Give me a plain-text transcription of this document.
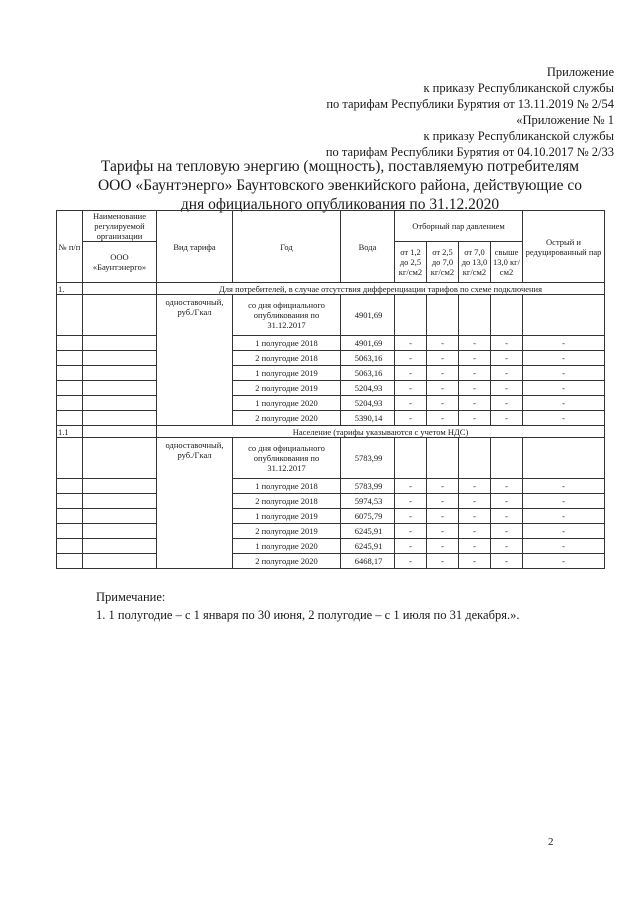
Приложение
к приказу Республиканской службы
по тарифам Республики Бурятия от 13.11.2019 № 2/54
«Приложение № 1
к приказу Республиканской службы
по тарифам Республики Бурятия от 04.10.2017 № 2/33
Тарифы на тепловую энергию (мощность), поставляемую потребителям
ООО «Баунтэнерго» Баунтовского эвенкийского района, действующие со
дня официального опубликования по 31.12.2020
№ п/п	Наименование регулируемой организации	Вид тарифа	Год	Вода	Отборный пар давлением				Острый и редуцированный пар
	ООО «Баунтэнерго»				от 1,2 до 2,5 кг/см2	от 2,5 до 7,0 кг/см2	от 7,0 до 13,0 кг/см2	свыше 13,0 кг/см2	
1.		Для потребителей, в случае отсутствия дифференциации тарифов по схеме подключения							
		одноставочный, руб./Гкал	со дня официального опубликования по 31.12.2017	4901,69					
			1 полугодие 2018	4901,69	-	-	-	-	-
			2 полугодие 2018	5063,16	-	-	-	-	-
			1 полугодие 2019	5063,16	-	-	-	-	-
			2 полугодие 2019	5204,93	-	-	-	-	-
			1 полугодие 2020	5204,93	-	-	-	-	-
			2 полугодие 2020	5390,14	-	-	-	-	-
1.1		Население (тарифы указываются с учетом НДС)							
		одноставочный, руб./Гкал	со дня официального опубликования по 31.12.2017	5783,99					
			1 полугодие 2018	5783,99	-	-	-	-	-
			2 полугодие 2018	5974,53	-	-	-	-	-
			1 полугодие 2019	6075,79	-	-	-	-	-
			2 полугодие 2019	6245,91	-	-	-	-	-
			1 полугодие 2020	6245,91	-	-	-	-	-
			2 полугодие 2020	6468,17	-	-	-	-	-
Примечание:
1. 1 полугодие – с 1 января по 30 июня, 2 полугодие – с 1 июля по 31 декабря.».
2
